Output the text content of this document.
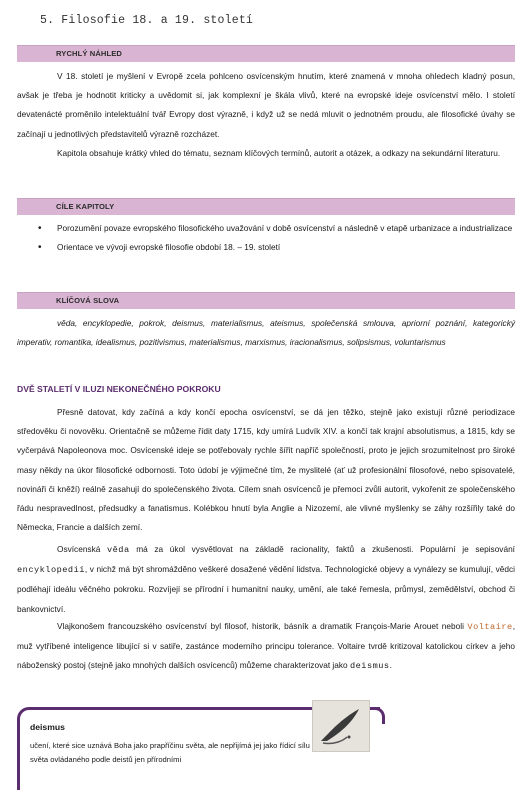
5. Filosofie 18. a 19. století
RYCHLÝ NÁHLED
V 18. století je myšlení v Evropě zcela pohlceno osvícenským hnutím, které znamená v mnoha ohledech kladný posun, avšak je třeba je hodnotit kriticky a uvědomit si, jak komplexní je škála vlivů, které na evropské ideje osvícenství mělo. I století devatenácté proměnilo intelektuální tvář Evropy dost výrazně, i když už se nedá mluvit o jednotném proudu, ale filosofické úvahy se začínají u jednotlivých představitelů výrazně rozcházet.
Kapitola obsahuje krátký vhled do tématu, seznam klíčových termínů, autorit a otázek, a odkazy na sekundární literaturu.
CÍLE KAPITOLY
• Porozumění povaze evropského filosofického uvažování v době osvícenství a následně v etapě urbanizace a industrializace
• Orientace ve vývoji evropské filosofie období 18. – 19. století
KLÍČOVÁ SLOVA
věda, encyklopedie, pokrok, deismus, materialismus, ateismus, společenská smlouva, apriorní poznání, kategorický imperativ, romantika, idealismus, pozitivismus, materialismus, marxismus, iracionalismus, solipsismus, voluntarismus
DVĚ STALETÍ V ILUZI NEKONEČNÉHO POKROKU
Přesně datovat, kdy začíná a kdy končí epocha osvícenství, se dá jen těžko, stejně jako existují různé periodizace středověku či novověku. Orientačně se můžeme řídit daty 1715, kdy umírá Ludvík XIV. a končí tak krajní absolutismus, a 1815, kdy se vyčerpává Napoleonova moc. Osvícenské ideje se potřebovaly rychle šířit napříč společností, proto je jejich srozumitelnost pro široké masy někdy na úkor filosofické odbornosti. Toto údobí je výjimečné tím, že myslitelé (ať už profesionální filosofové, nebo spisovatelé, novináři či kněží) reálně zasahují do společenského života. Cílem snah osvícenců je přemoci zvůli autorit, vykořenit ze společenského řádu nespravedlnost, předsudky a fanatismus. Kolébkou hnutí byla Anglie a Nizozemí, ale vlivné myšlenky se záhy rozšířily také do Německa, Francie a dalších zemí.
Osvícenská věda má za úkol vysvětlovat na základě racionality, faktů a zkušenosti. Populární je sepisování encyklopedií, v nichž má být shromážděno veškeré dosažené vědění lidstva. Technologické objevy a vynálezy se kumulují, vědci podléhají ideálu věčného pokroku. Rozvíjejí se přírodní i humanitní nauky, umění, ale také řemesla, průmysl, zemědělství, obchod či bankovnictví.
Vlajkonošem francouzského osvícenství byl filosof, historik, básník a dramatik François-Marie Arouet neboli Voltaire, muž vytříbené inteligence libující si v satiře, zastánce moderního principu tolerance. Voltaire tvrdě kritizoval katolickou církev a jeho náboženský postoj (stejně jako mnohých dalších osvícenců) můžeme charakterizovat jako deismus.
deismus
učení, které sice uznává Boha jako prapříčinu světa, ale nepřijímá jej jako řídicí sílu světa ovládaného podle deistů jen přírodními
